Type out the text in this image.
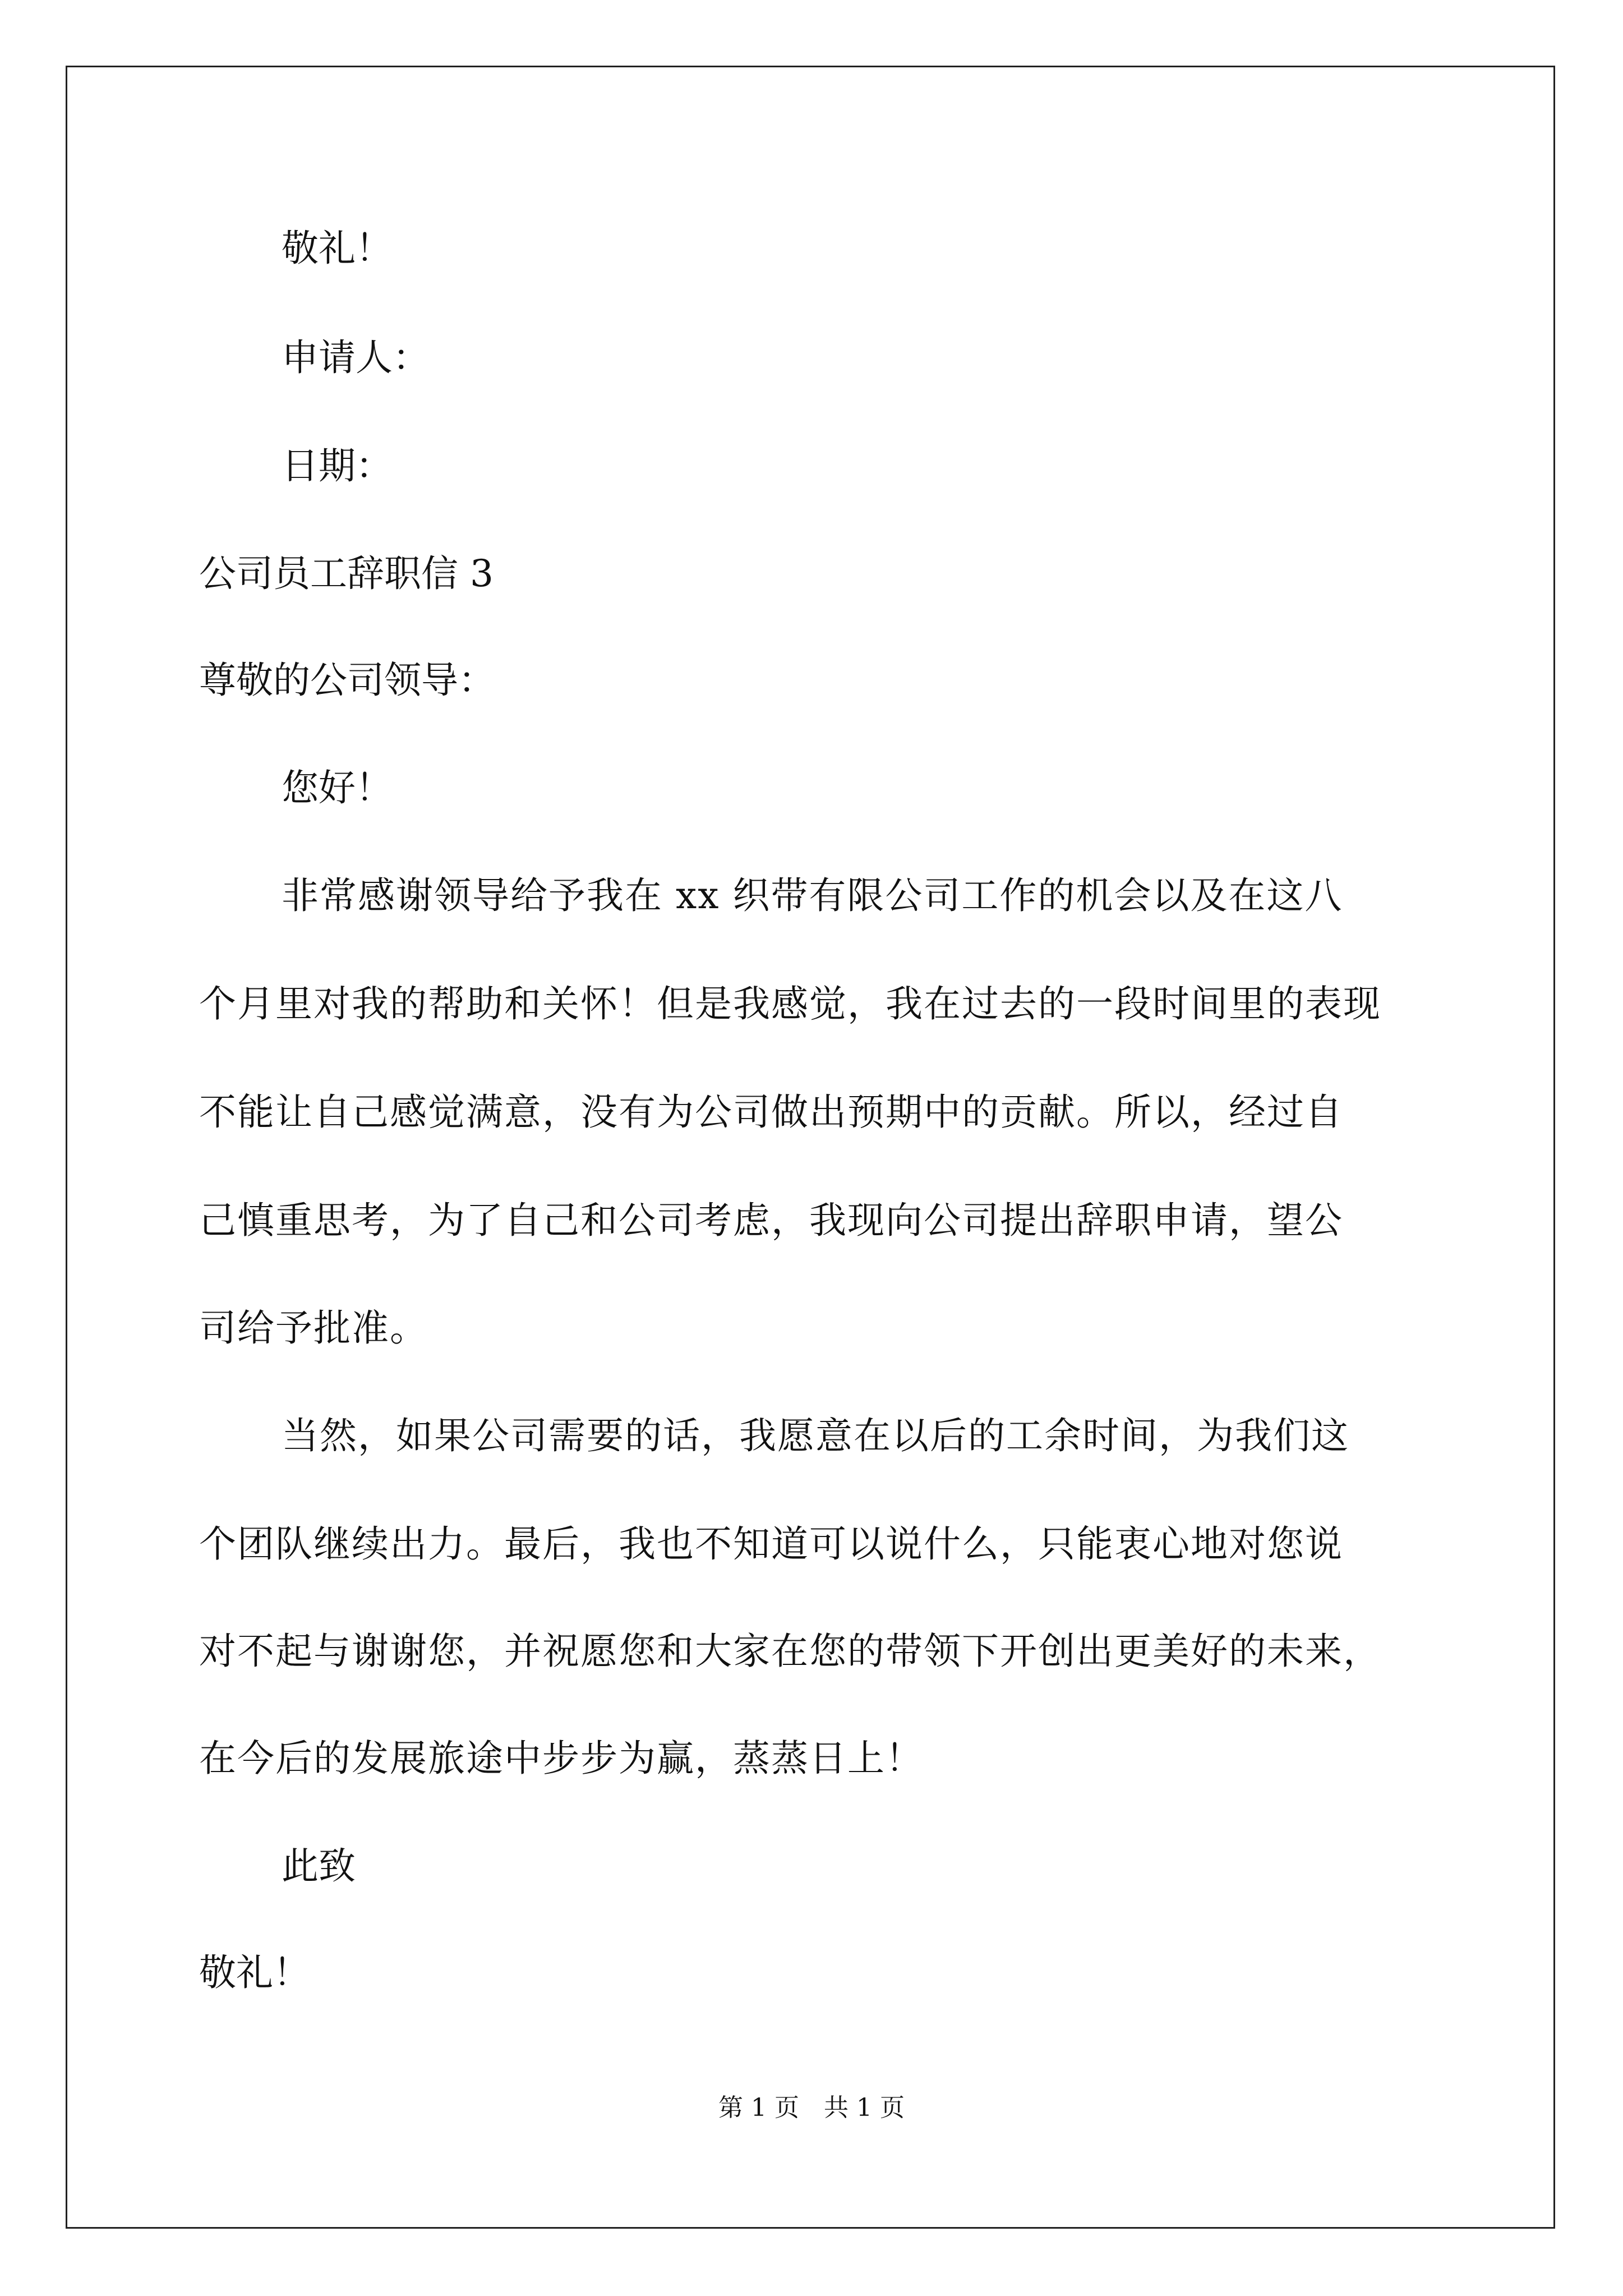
敬礼！
申请人：
日期：
公司员工辞职信 3
尊敬的公司领导：
您好！
非常感谢领导给予我在 xx 织带有限公司工作的机会以及在这八
个月里对我的帮助和关怀！但是我感觉，我在过去的一段时间里的表现
不能让自己感觉满意，没有为公司做出预期中的贡献。所以，经过自
己慎重思考，为了自己和公司考虑，我现向公司提出辞职申请，望公
司给予批准。
当然，如果公司需要的话，我愿意在以后的工余时间，为我们这
个团队继续出力。最后，我也不知道可以说什么，只能衷心地对您说
对不起与谢谢您，并祝愿您和大家在您的带领下开创出更美好的未来，
在今后的发展旅途中步步为赢，蒸蒸日上！
此致
敬礼！
第 1 页 共 1 页
